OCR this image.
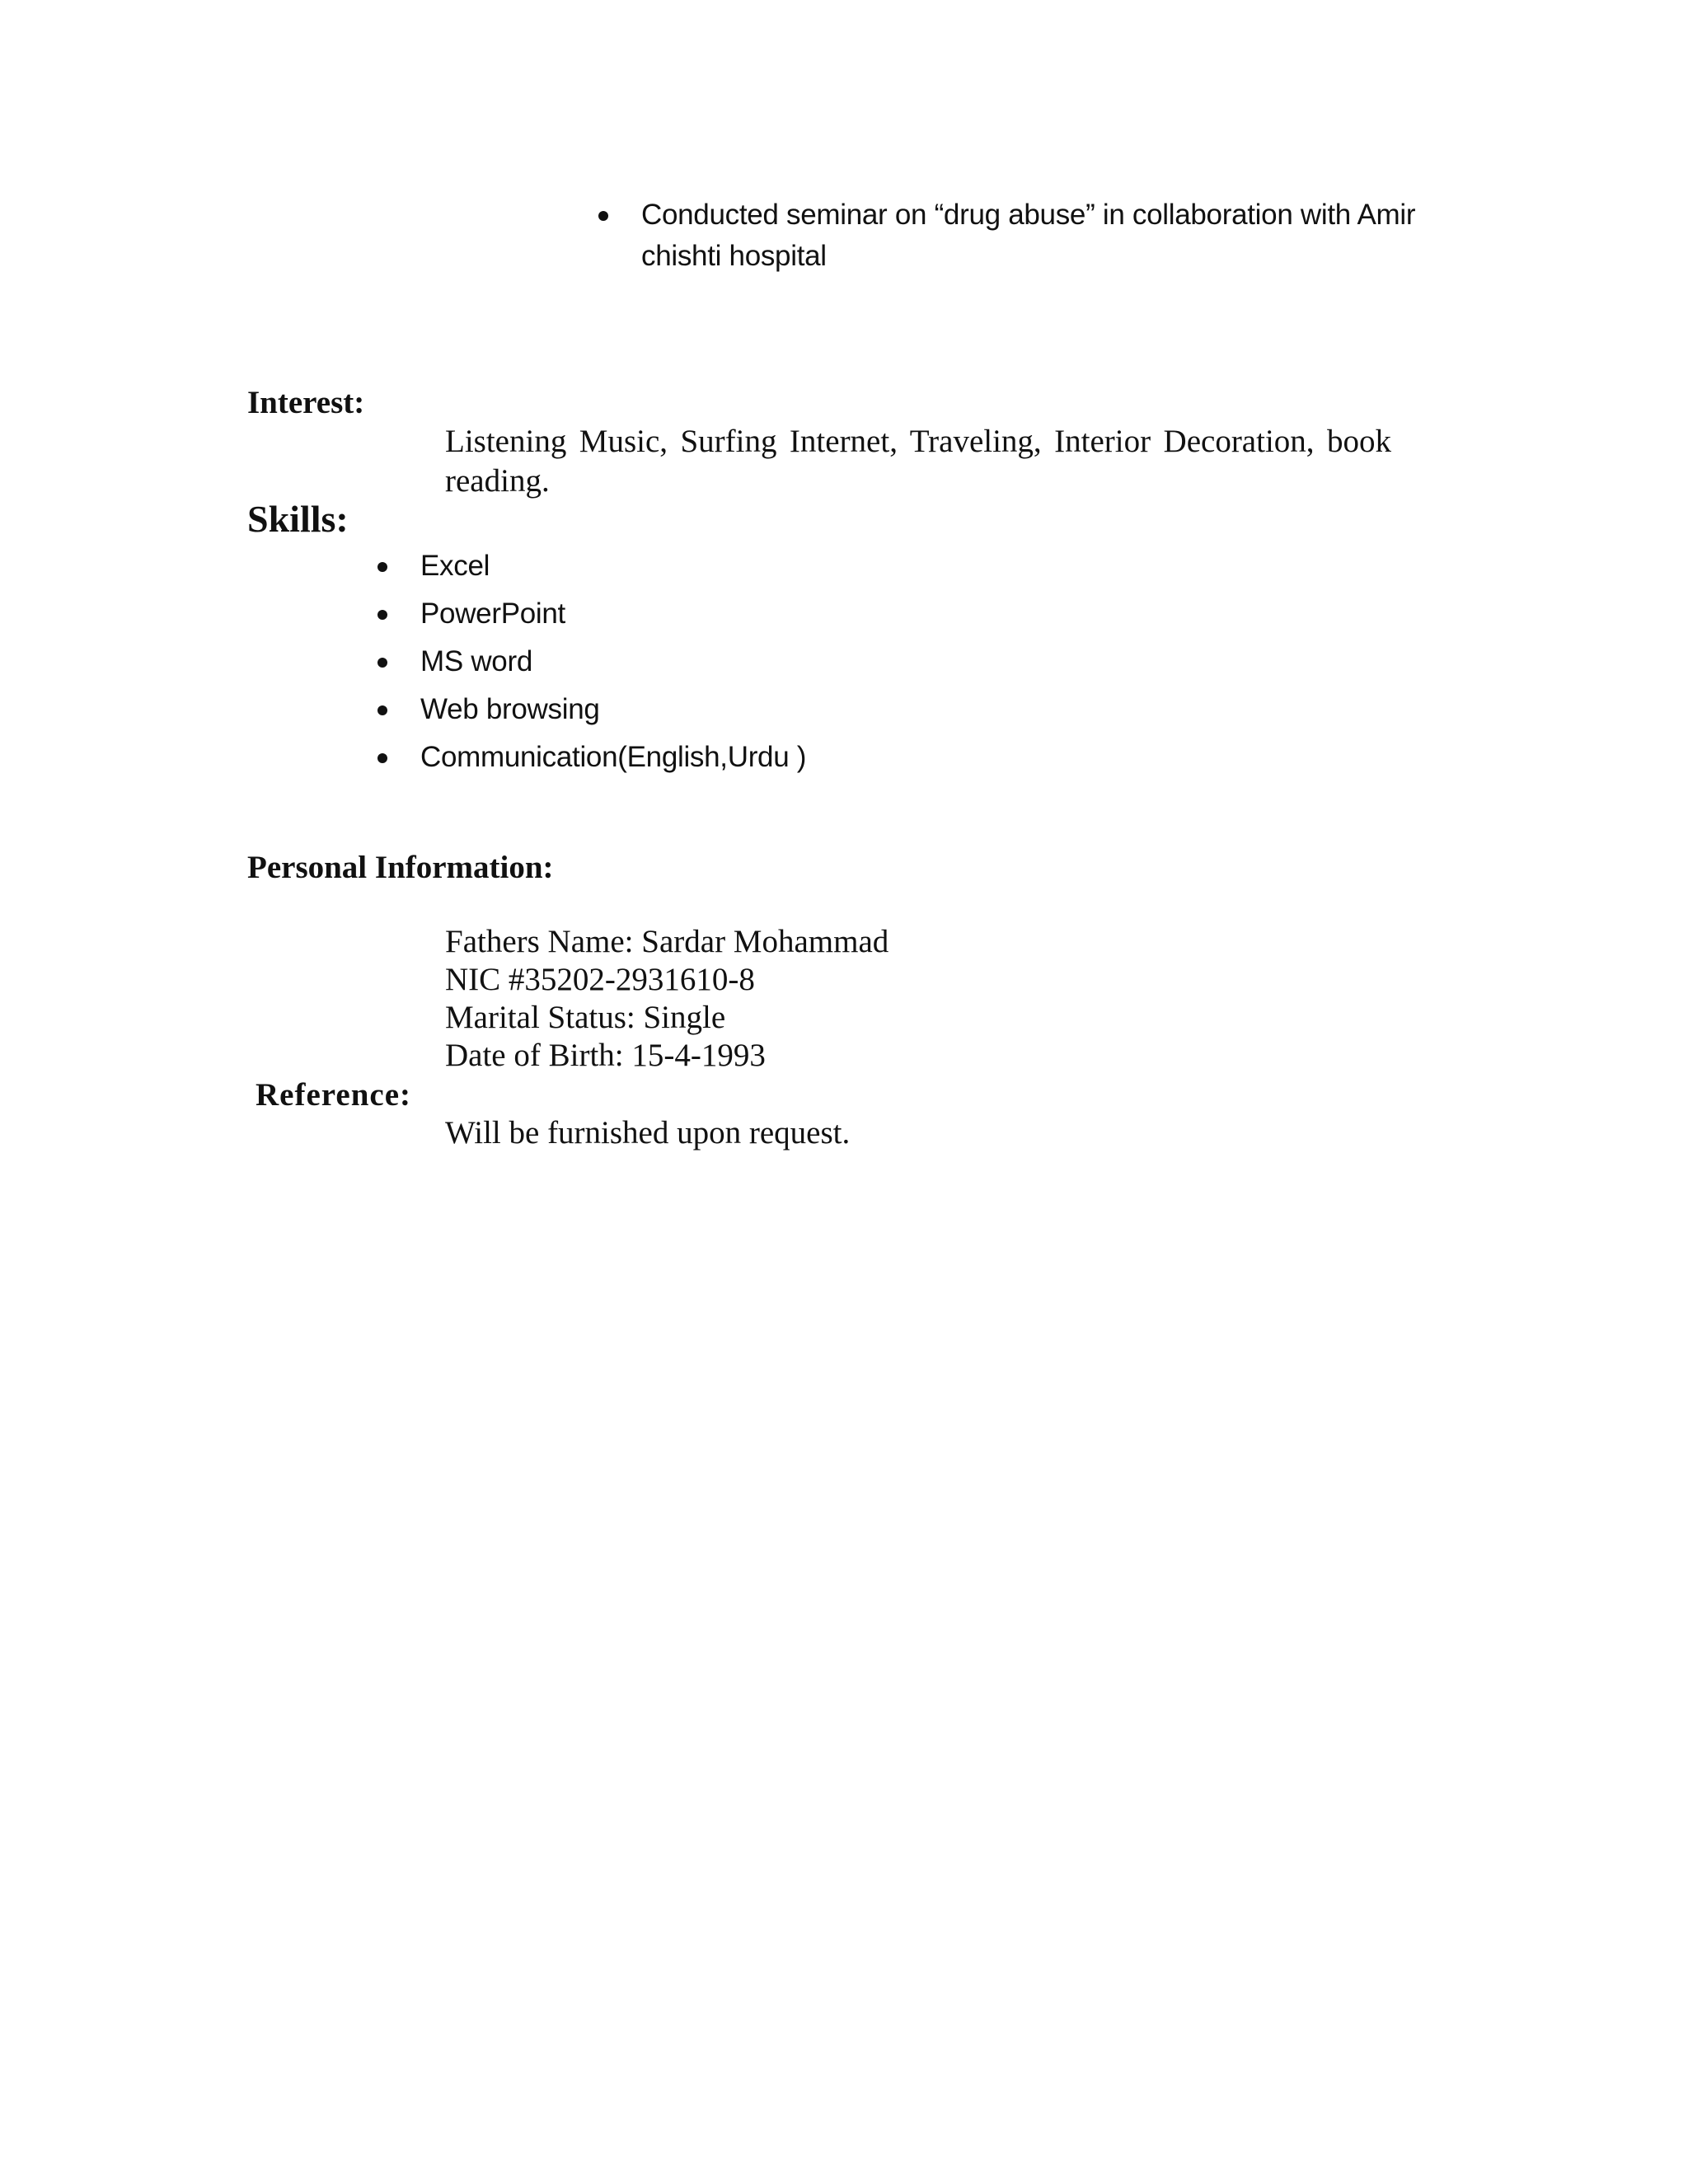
Conducted seminar on “drug abuse” in collaboration with Amir
chishti hospital
Interest:
Listening Music, Surfing Internet, Traveling, Interior Decoration, book reading.
Skills:
Excel
PowerPoint
MS word
Web browsing
Communication(English,Urdu )
Personal Information:
Fathers Name: Sardar Mohammad
NIC #35202-2931610-8
Marital Status: Single
Date of Birth: 15-4-1993
Reference:
Will be furnished upon request.
